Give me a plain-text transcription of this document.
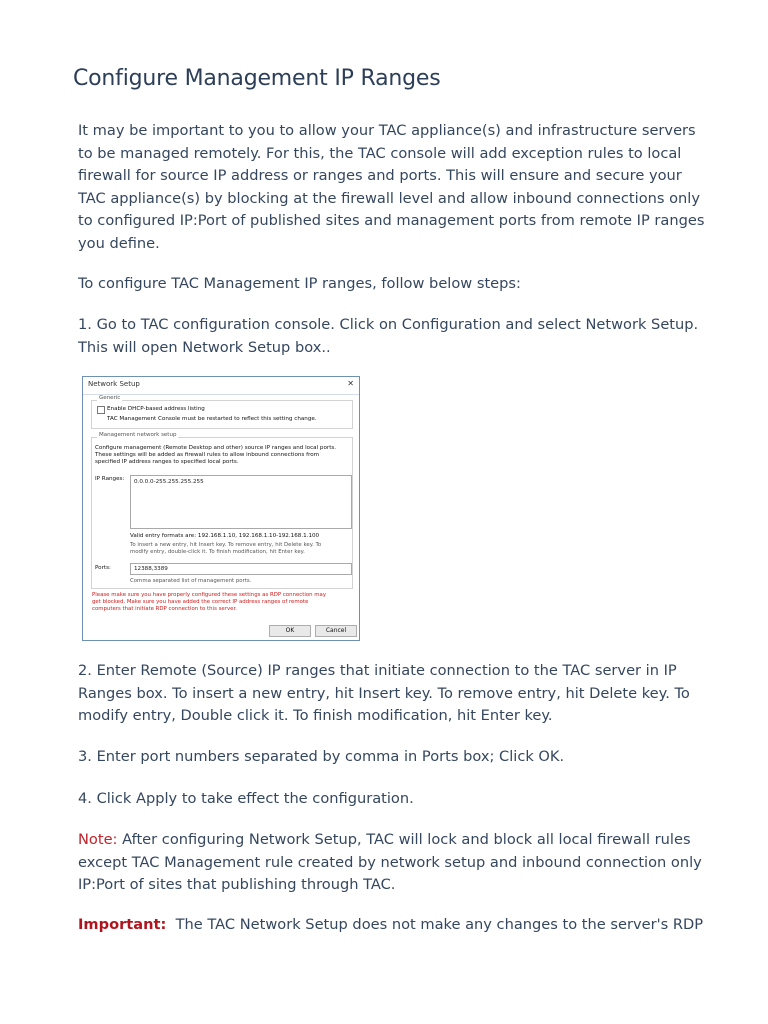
Configure Management IP Ranges

It may be important to you to allow your TAC appliance(s) and infrastructure servers to be managed remotely. For this, the TAC console will add exception rules to local firewall for source IP address or ranges and ports. This will ensure and secure your TAC appliance(s) by blocking at the firewall level and allow inbound connections only to configured IP:Port of published sites and management ports from remote IP ranges you define.

To configure TAC Management IP ranges, follow below steps:

1. Go to TAC configuration console. Click on Configuration and select Network Setup. This will open Network Setup box..

Network Setup	✕
Generic
Enable DHCP-based address listing
TAC Management Console must be restarted to reflect this setting change.
Management network setup
Configure management (Remote Desktop and other) source IP ranges and local ports.
These settings will be added as firewall rules to allow inbound connections from
specified IP address ranges to specified local ports.
IP Ranges: 0.0.0.0-255.255.255.255
Valid entry formats are: 192.168.1.10, 192.168.1.10-192.168.1.100
To insert a new entry, hit Insert key. To remove entry, hit Delete key. To
modify entry, double-click it. To finish modification, hit Enter key.
Ports:	12388,3389
Comma separated list of management ports.
Please make sure you have properly configured these settings as RDP connection may
get blocked. Make sure you have added the correct IP address ranges of remote
computers that initiate RDP connection to this server.
OK	Cancel

2. Enter Remote (Source) IP ranges that initiate connection to the TAC server in IP Ranges box. To insert a new entry, hit Insert key. To remove entry, hit Delete key. To modify entry, Double click it. To finish modification, hit Enter key.

3. Enter port numbers separated by comma in Ports box; Click OK.

4. Click Apply to take effect the configuration.

Note: After configuring Network Setup, TAC will lock and block all local firewall rules except TAC Management rule created by network setup and inbound connection only IP:Port of sites that publishing through TAC.

Important:  The TAC Network Setup does not make any changes to the server's RDP
